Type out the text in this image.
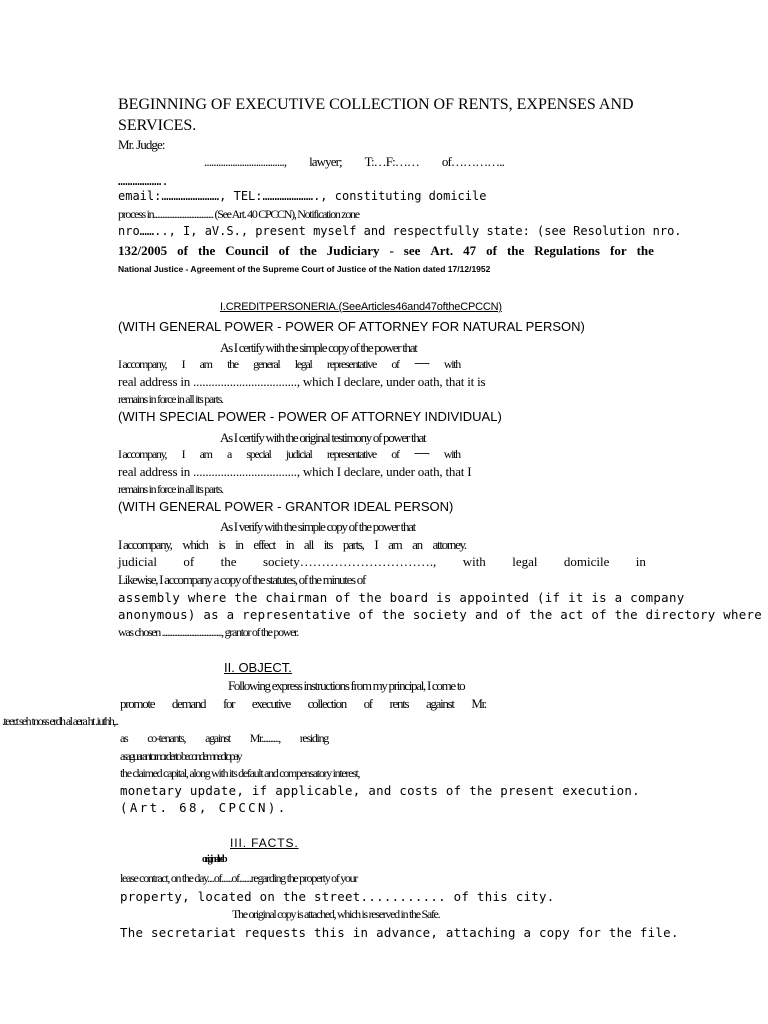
BEGINNING OF EXECUTIVE COLLECTION OF RENTS, EXPENSES AND
SERVICES.
Mr. Judge:
.................................., lawyer; T:…F:…… of…………..
……………….
email:……………………, TEL:…………………., constituting domicile
process in................................... (See Art. 40 CPCCN), Notification zone
nro…….., I, aV.S., present myself and respectfully state: (see Resolution nro.
132/2005 of the Council of the Judiciary - see Art. 47 of the Regulations for the
National Justice - Agreement of the Supreme Court of Justice of the Nation dated 17/12/1952
I.CREDITPERSONERIA.(SeeArticles46and47oftheCPCCN)
(WITH GENERAL POWER - POWER OF ATTORNEY FOR NATURAL PERSON)
As I certify with the simple copy of the power that
I accompany, I am the general legal representative of ..............................., with
real address in .................................., which I declare, under oath, that it is
remains in force in all its parts.
(WITH SPECIAL POWER - POWER OF ATTORNEY INDIVIDUAL)
As I certify with the original testimony of power that
I accompany, I am a special judicial representative of ..............................., with
real address in .................................., which I declare, under oath, that I
remains in force in all its parts.
(WITH GENERAL POWER - GRANTOR IDEAL PERSON)
As I verify with the simple copy of the power that
I accompany, which is in effect in all its parts, I am an attorney.
judicial of the society…………………………., with legal domicile in
Likewise, I accompany a copy of the statutes, of the minutes of
assembly where the chairman of the board is appointed (if it is a company
anonymous) as a representative of the society and of the act of the directory where
was chosen ..................................., grantor of the power.
II. OBJECT.
Following express instructions from my principal, I come to
promote demand for executive collection of rents against Mr.
.teer.t seh tnoss erdh al aera ht .iuthh,..
as co-tenants, against Mr.........., residing
asaguarantornorderto becondemnedtopay
the claimed capital, along with its default and compensatory interest,
monetary update, if applicable, and costs of the present execution.
(Art. 68, CPCCN).
III. FACTS.
originalreb
lease contract, on the day....of......of.......regarding the property of your
property, located on the street........... of this city.
The original copy is attached, which is reserved in the Safe.
The secretariat requests this in advance, attaching a copy for the file.
